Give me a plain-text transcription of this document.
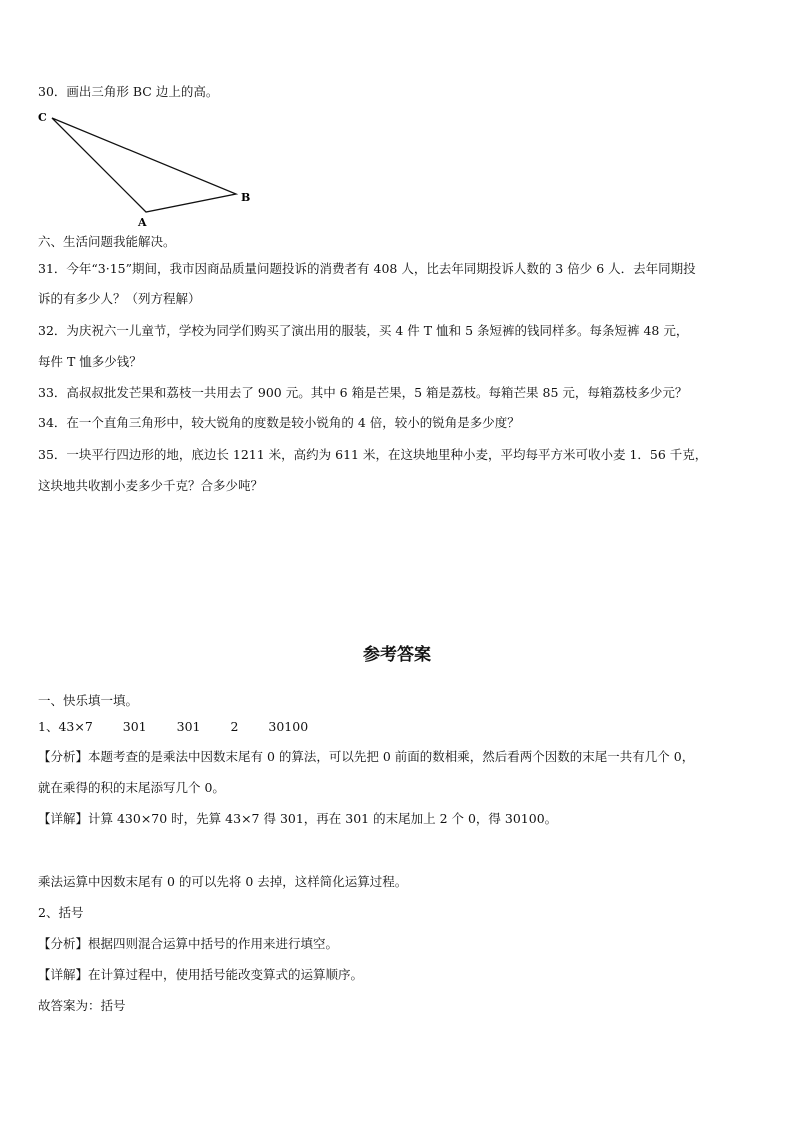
30．画出三角形 BC 边上的高。
C
B
A
六、生活问题我能解决。
31．今年“3·15”期间，我市因商品质量问题投诉的消费者有 408 人，比去年同期投诉人数的 3 倍少 6 人．去年同期投
诉的有多少人？（列方程解）
32．为庆祝六一儿童节，学校为同学们购买了演出用的服装，买 4 件 T 恤和 5 条短裤的钱同样多。每条短裤 48 元，
每件 T 恤多少钱？
33．高叔叔批发芒果和荔枝一共用去了 900 元。其中 6 箱是芒果，5 箱是荔枝。每箱芒果 85 元，每箱荔枝多少元？
34．在一个直角三角形中，较大锐角的度数是较小锐角的 4 倍，较小的锐角是多少度？
35．一块平行四边形的地，底边长 1211 米，高约为 611 米，在这块地里种小麦，平均每平方米可收小麦 1．56 千克，
这块地共收割小麦多少千克？合多少吨？
参考答案
一、快乐填一填。
1、43×7 301 301 2 30100
【分析】本题考查的是乘法中因数末尾有 0 的算法，可以先把 0 前面的数相乘，然后看两个因数的末尾一共有几个 0，
就在乘得的积的末尾添写几个 0。
【详解】计算 430×70 时，先算 43×7 得 301，再在 301 的末尾加上 2 个 0，得 30100。
乘法运算中因数末尾有 0 的可以先将 0 去掉，这样简化运算过程。
2、括号
【分析】根据四则混合运算中括号的作用来进行填空。
【详解】在计算过程中，使用括号能改变算式的运算顺序。
故答案为：括号
